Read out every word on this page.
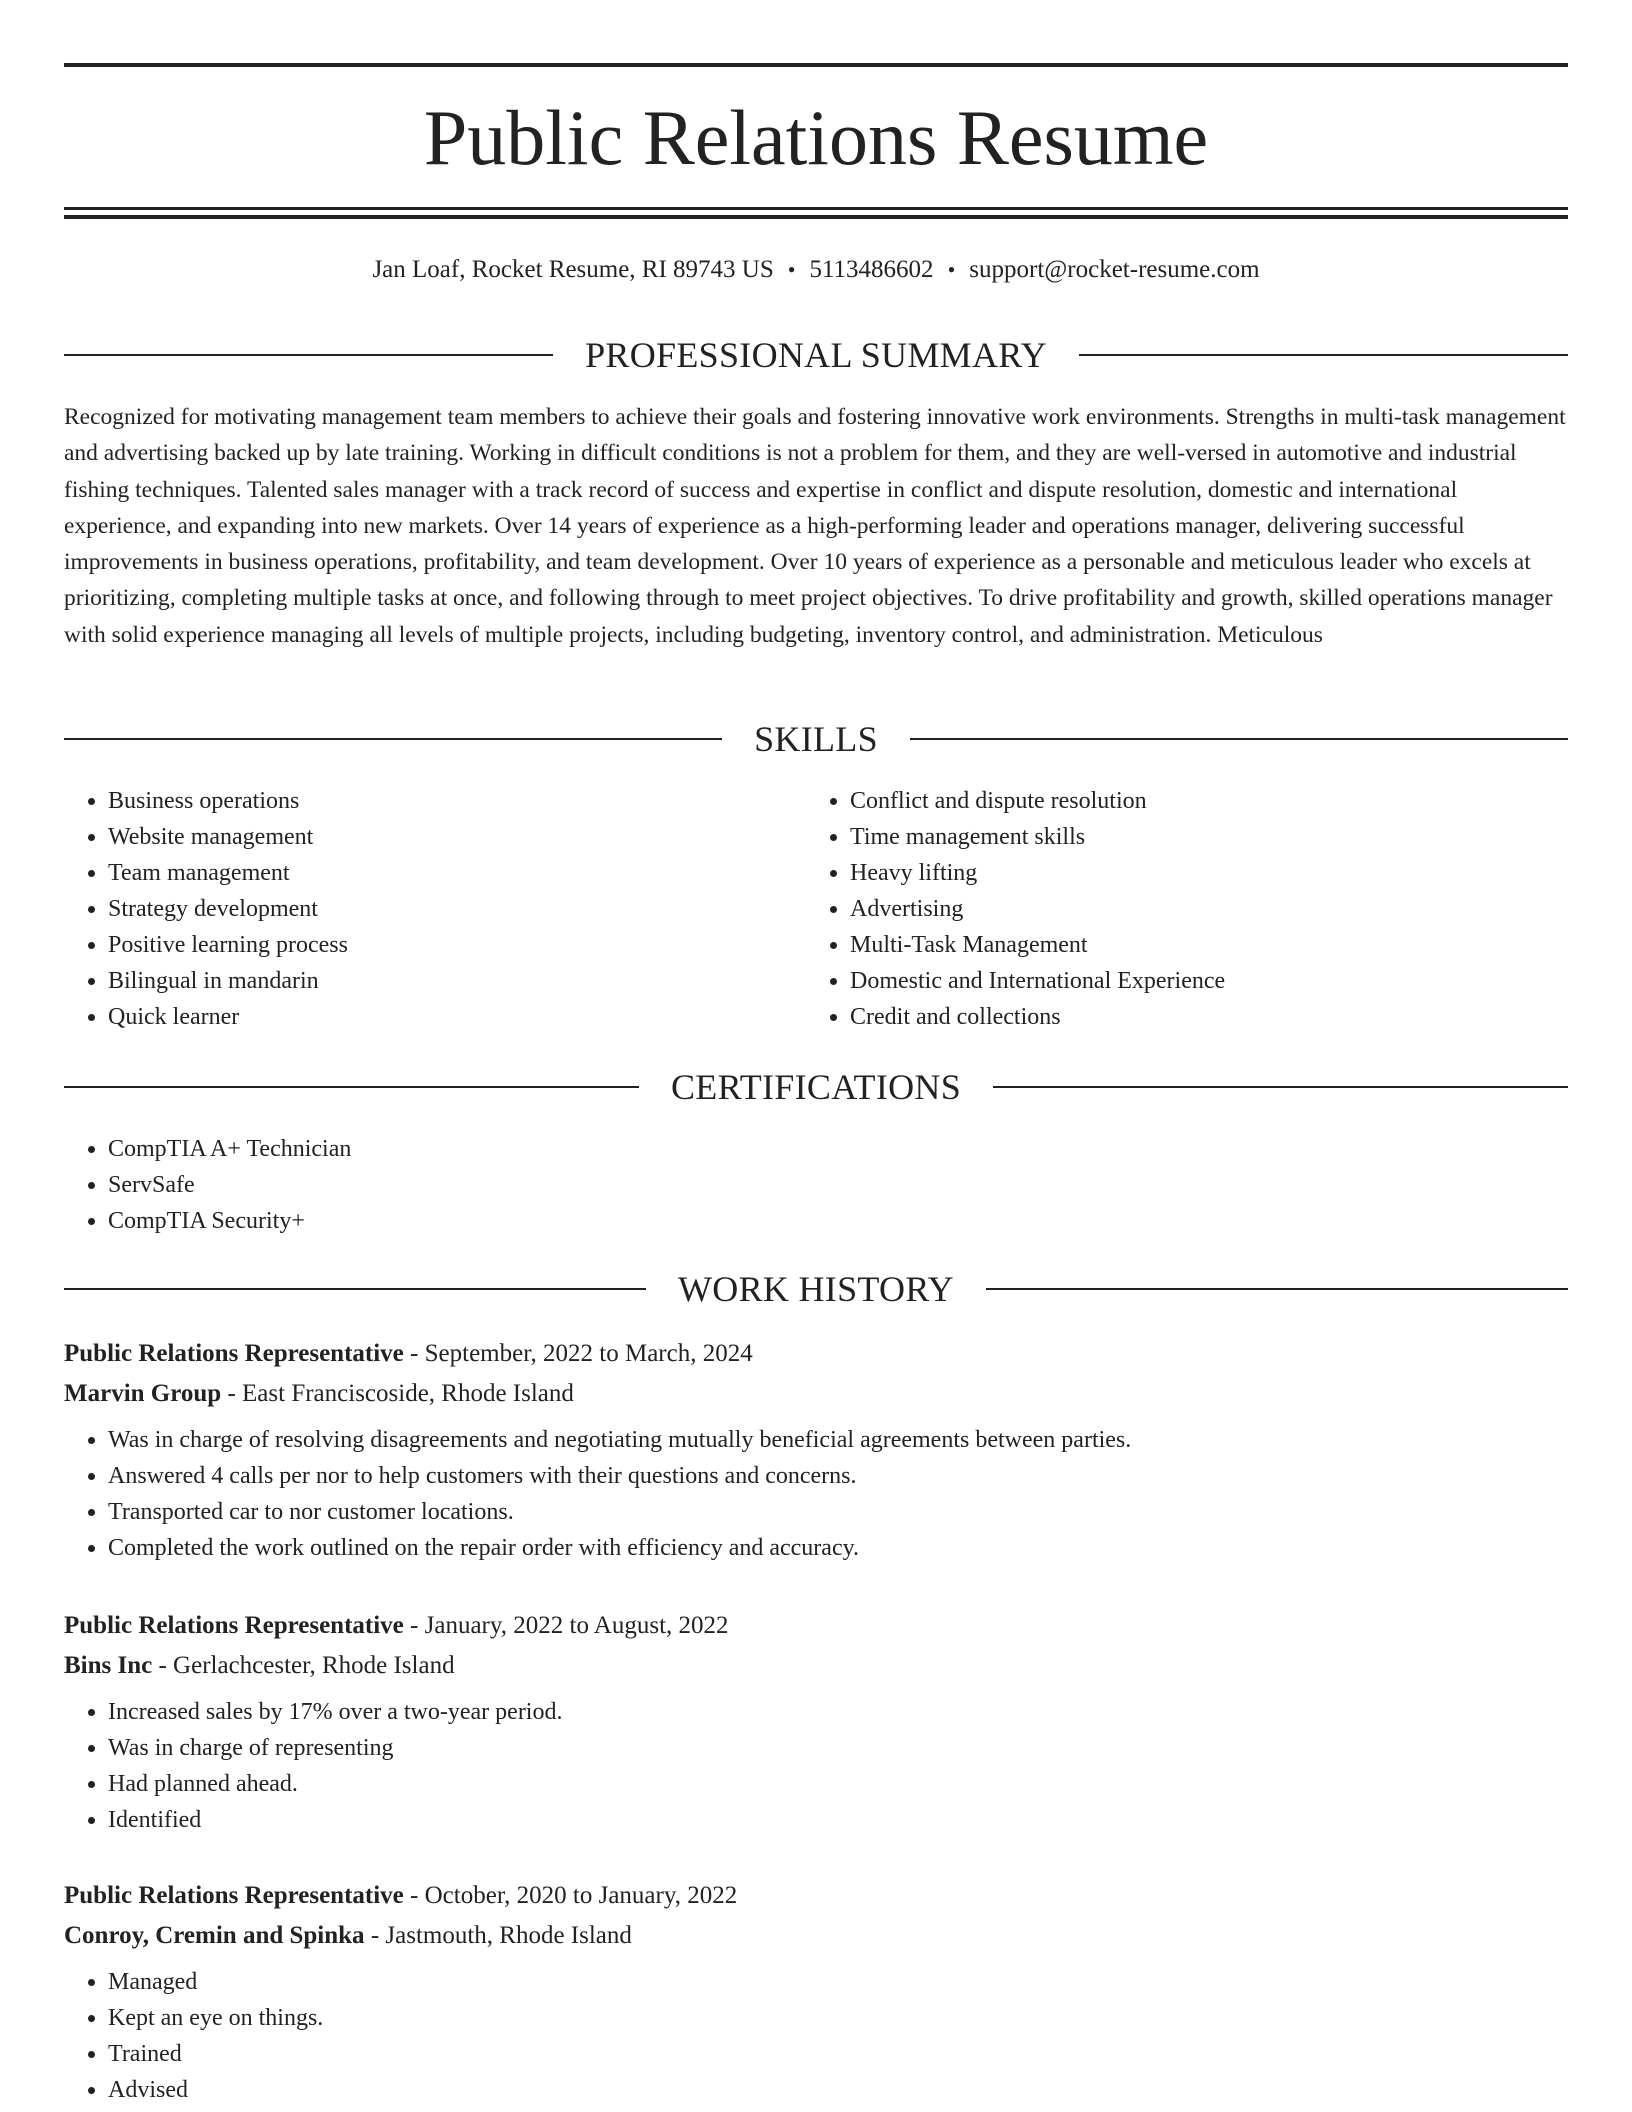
Public Relations Resume
Jan Loaf, Rocket Resume, RI 89743 US • 5113486602 • support@rocket-resume.com
PROFESSIONAL SUMMARY

Recognized for motivating management team members to achieve their goals and fostering innovative work environments. Strengths in multi-task management and advertising backed up by late training. Working in difficult conditions is not a problem for them, and they are well-versed in automotive and industrial fishing techniques. Talented sales manager with a track record of success and expertise in conflict and dispute resolution, domestic and international experience, and expanding into new markets. Over 14 years of experience as a high-performing leader and operations manager, delivering successful improvements in business operations, profitability, and team development. Over 10 years of experience as a personable and meticulous leader who excels at prioritizing, completing multiple tasks at once, and following through to meet project objectives. To drive profitability and growth, skilled operations manager with solid experience managing all levels of multiple projects, including budgeting, inventory control, and administration. Meticulous

SKILLS
• Business operations
• Website management
• Team management
• Strategy development
• Positive learning process
• Bilingual in mandarin
• Quick learner
• Conflict and dispute resolution
• Time management skills
• Heavy lifting
• Advertising
• Multi-Task Management
• Domestic and International Experience
• Credit and collections
CERTIFICATIONS
• CompTIA A+ Technician
• ServSafe
• CompTIA Security+
WORK HISTORY
Public Relations Representative - September, 2022 to March, 2024
Marvin Group - East Franciscoside, Rhode Island
• Was in charge of resolving disagreements and negotiating mutually beneficial agreements between parties.
• Answered 4 calls per nor to help customers with their questions and concerns.
• Transported car to nor customer locations.
• Completed the work outlined on the repair order with efficiency and accuracy.
Public Relations Representative - January, 2022 to August, 2022
Bins Inc - Gerlachcester, Rhode Island
• Increased sales by 17% over a two-year period.
• Was in charge of representing
• Had planned ahead.
• Identified
Public Relations Representative - October, 2020 to January, 2022
Conroy, Cremin and Spinka - Jastmouth, Rhode Island
• Managed
• Kept an eye on things.
• Trained
• Advised
